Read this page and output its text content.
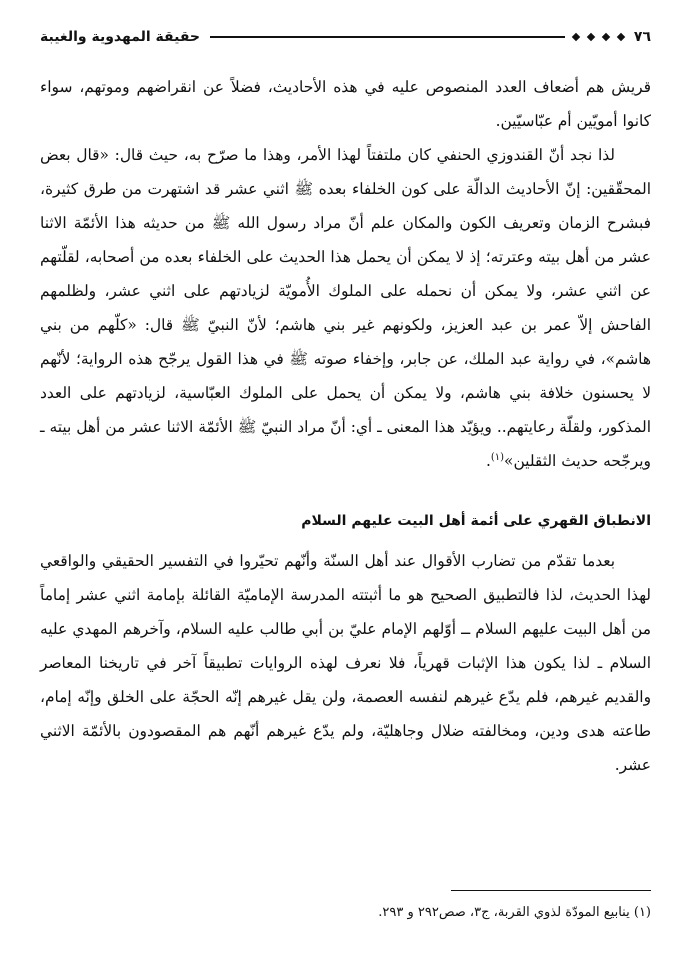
٧٦
حقيقة المهدوية والغيبة

قريش هم أضعاف العدد المنصوص عليه في هذه الأحاديث، فضلاً عن انقراضهم وموتهم، سواء كانوا أمويّين أم عبّاسيّين.

لذا نجد أنّ القندوزي الحنفي كان ملتفتاً لهذا الأمر، وهذا ما صرّح به، حيث قال: «قال بعض المحقّقين: إنّ الأحاديث الدالّة على كون الخلفاء بعده ﷺ اثني عشر قد اشتهرت من طرق كثيرة، فبشرح الزمان وتعريف الكون والمكان علم أنّ مراد رسول الله ﷺ من حديثه هذا الأئمّة الاثنا عشر من أهل بيته وعترته؛ إذ لا يمكن أن يحمل هذا الحديث على الخلفاء بعده من أصحابه، لقلّتهم عن اثني عشر، ولا يمكن أن نحمله على الملوك الأُمويّة لزيادتهم على اثني عشر، ولظلمهم الفاحش إلاّ عمر بن عبد العزيز، ولكونهم غير بني هاشم؛ لأنّ النبيّ ﷺ قال: «كلّهم من بني هاشم»، في رواية عبد الملك، عن جابر، وإخفاء صوته ﷺ في هذا القول يرجّح هذه الرواية؛ لأنّهم لا يحسنون خلافة بني هاشم، ولا يمكن أن يحمل على الملوك العبّاسية، لزيادتهم على العدد المذكور، ولقلّة رعايتهم.. ويؤيّد هذا المعنى ـ أي: أنّ مراد النبيّ ﷺ الأئمّة الاثنا عشر من أهل بيته ـ ويرجّحه حديث الثقلين»$^{(١)}$.

الانطباق القهري على أئمة أهل البيت عليهم السلام

بعدما تقدّم من تضارب الأقوال عند أهل السنّة وأنّهم تحيّروا في التفسير الحقيقي والواقعي لهذا الحديث، لذا فالتطبيق الصحيح هو ما أثبتته المدرسة الإماميّة القائلة بإمامة اثني عشر إماماً من أهل البيت عليهم السلام ــ أوّلهم الإمام عليّ بن أبي طالب عليه السلام، وآخرهم المهدي عليه السلام ـ لذا يكون هذا الإثبات قهرياً، فلا نعرف لهذه الروايات تطبيقاً آخر في تاريخنا المعاصر والقديم غيرهم، فلم يدّع غيرهم لنفسه العصمة، ولن يقل غيرهم إنّه الحجّة على الخلق وإنّه إمام، طاعته هدى ودين، ومخالفته ضلال وجاهليّة، ولم يدّع غيرهم أنّهم هم المقصودون بالأئمّة الاثني عشر.

(١) ينابيع المودّة لذوي القربة، ج٣، صص٢٩٢ و ٢٩٣.
